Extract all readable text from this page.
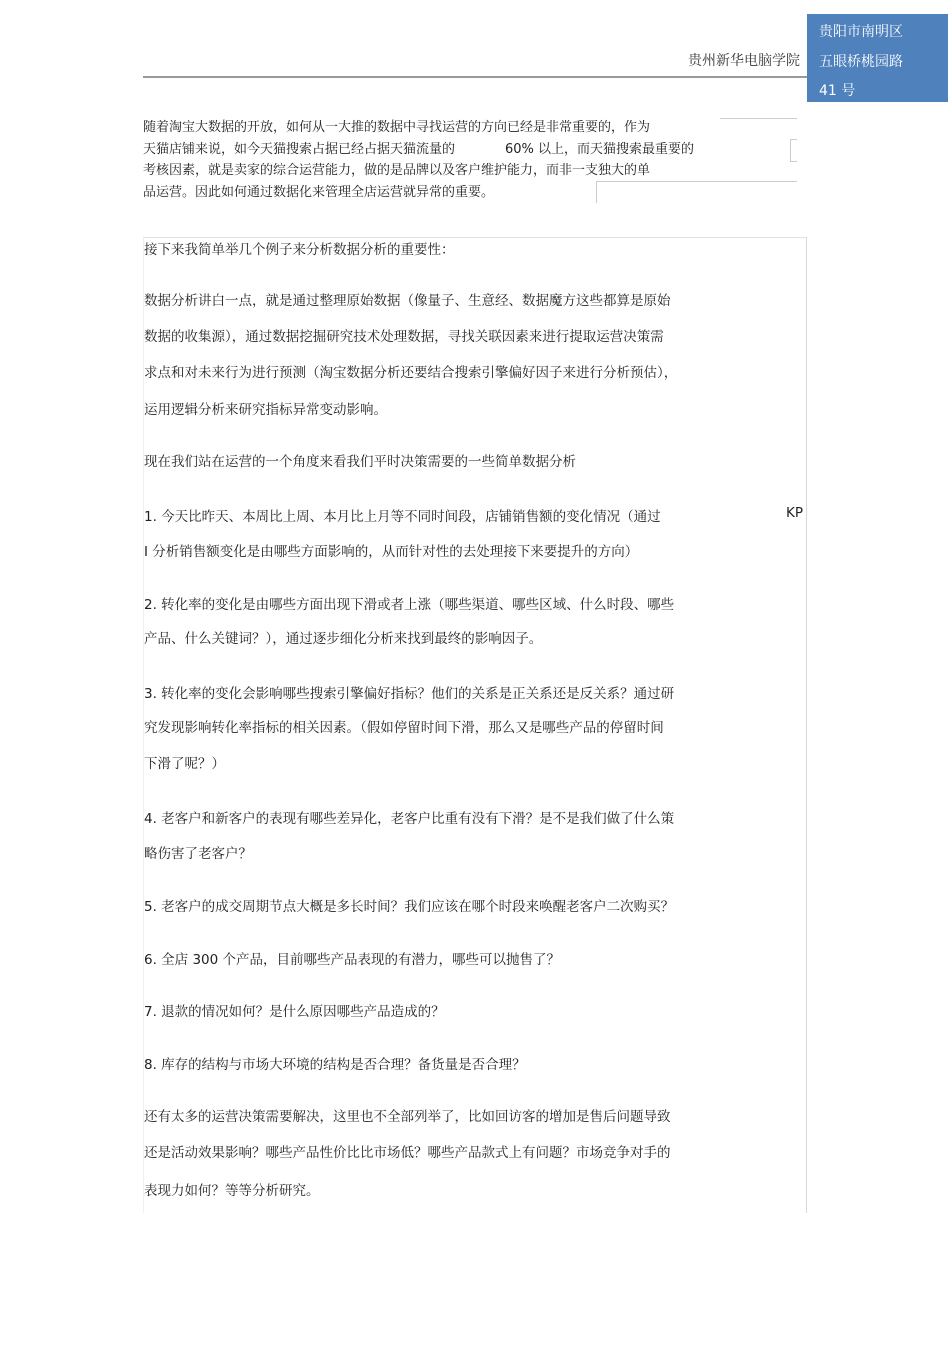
贵州新华电脑学院
贵阳市南明区
五眼桥桃园路
41 号
随着淘宝大数据的开放，如何从一大推的数据中寻找运营的方向已经是非常重要的，作为
天猫店铺来说，如今天猫搜索占据已经占据天猫流量的	60% 以上，而天猫搜索最重要的
考核因素，就是卖家的综合运营能力，做的是品牌以及客户维护能力，而非一支独大的单
品运营。因此如何通过数据化来管理全店运营就异常的重要。
接下来我简单举几个例子来分析数据分析的重要性：
数据分析讲白一点，就是通过整理原始数据（像量子、生意经、数据魔方这些都算是原始
数据的收集源），通过数据挖掘研究技术处理数据，寻找关联因素来进行提取运营决策需
求点和对未来行为进行预测（淘宝数据分析还要结合搜索引擎偏好因子来进行分析预估），
运用逻辑分析来研究指标异常变动影响。
现在我们站在运营的一个角度来看我们平时决策需要的一些简单数据分析
1. 今天比昨天、本周比上周、本月比上月等不同时间段，店铺销售额的变化情况（通过	KP
I 分析销售额变化是由哪些方面影响的，从而针对性的去处理接下来要提升的方向）
2. 转化率的变化是由哪些方面出现下滑或者上涨（哪些渠道、哪些区域、什么时段、哪些
产品、什么关键词？），通过逐步细化分析来找到最终的影响因子。
3. 转化率的变化会影响哪些搜索引擎偏好指标？他们的关系是正关系还是反关系？通过研
究发现影响转化率指标的相关因素。（假如停留时间下滑，那么又是哪些产品的停留时间
下滑了呢？）
4. 老客户和新客户的表现有哪些差异化，老客户比重有没有下滑？是不是我们做了什么策
略伤害了老客户？
5. 老客户的成交周期节点大概是多长时间？我们应该在哪个时段来唤醒老客户二次购买？
6. 全店 300 个产品，目前哪些产品表现的有潜力，哪些可以抛售了？
7. 退款的情况如何？是什么原因哪些产品造成的？
8. 库存的结构与市场大环境的结构是否合理？备货量是否合理？
还有太多的运营决策需要解决，这里也不全部列举了，比如回访客的增加是售后问题导致
还是活动效果影响？哪些产品性价比比市场低？哪些产品款式上有问题？市场竞争对手的
表现力如何？等等分析研究。
